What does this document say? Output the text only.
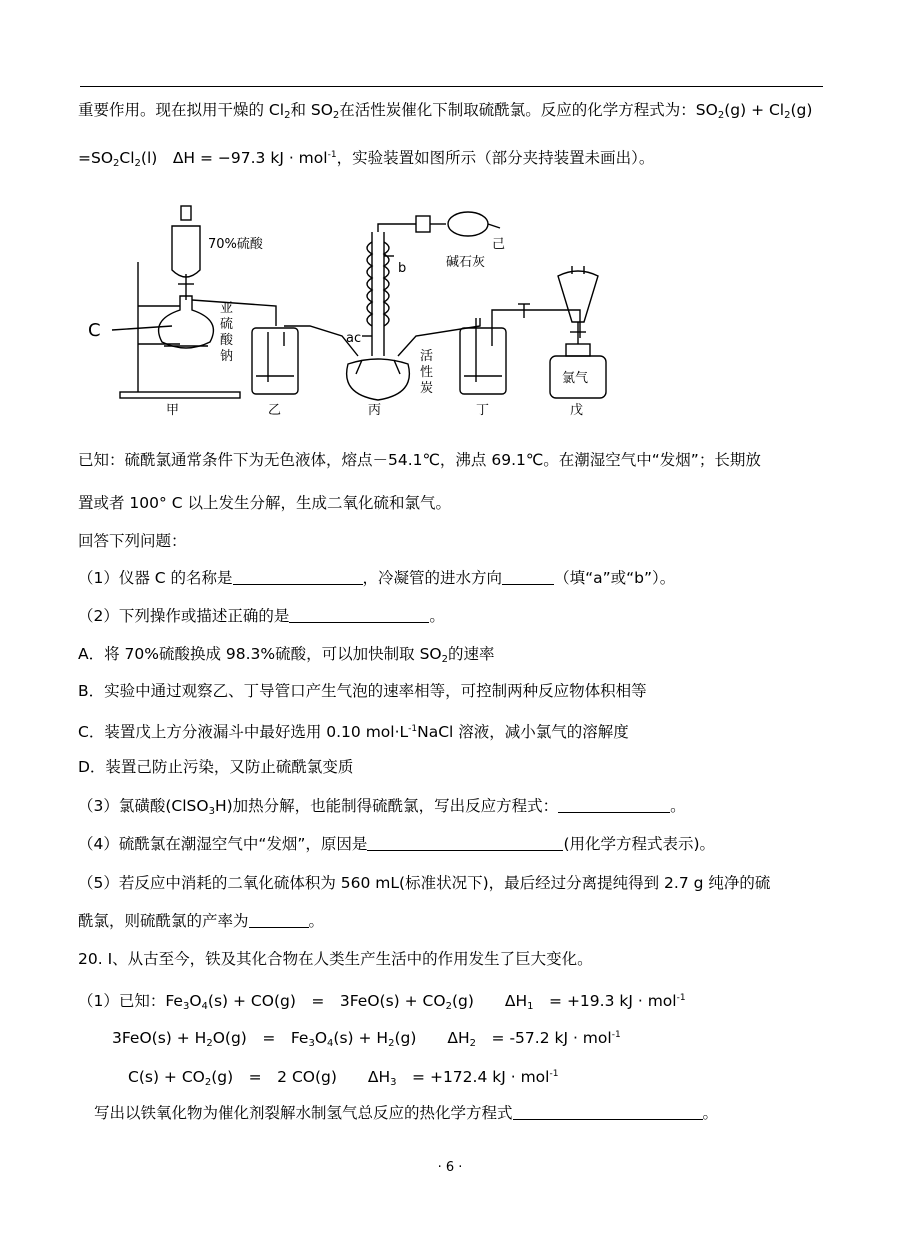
重要作用。现在拟用干燥的 $Cl_2$和 $SO_2$在活性炭催化下制取硫酰氯。反应的化学方程式为：$SO_2(g) + Cl_2(g)$
$=SO_2Cl_2(l)$　ΔH = −97.3 kJ · mol$^{-1}$，实验装置如图所示（部分夹持装置未画出）。
70%硫酸
C
亚
硫
酸
钠
甲	乙	丙	丁	戊
己
b
a c
碱石灰
活
性
炭
氯气
已知：硫酰氯通常条件下为无色液体，熔点－54.1℃，沸点 69.1℃。在潮湿空气中“发烟”；长期放
置或者 100° C 以上发生分解，生成二氧化硫和氯气。
回答下列问题：
（1）仪器 C 的名称是	，冷凝管的进水方向	（填“a”或“b”）。
（2）下列操作或描述正确的是	。
A．将 70%硫酸换成 98.3%硫酸，可以加快制取 $SO_2$的速率
B．实验中通过观察乙、丁导管口产生气泡的速率相等，可控制两种反应物体积相等
C．装置戊上方分液漏斗中最好选用 0.10 $mol\cdot L^{-1}NaCl$ 溶液，减小氯气的溶解度
D．装置己防止污染，又防止硫酰氯变质
（3）氯磺酸(ClSO$_3$H)加热分解，也能制得硫酰氯，写出反应方程式：	。
（4）硫酰氯在潮湿空气中“发烟”，原因是	(用化学方程式表示)。
（5）若反应中消耗的二氧化硫体积为 560 mL(标准状况下)，最后经过分离提纯得到 2.7 g 纯净的硫
酰氯，则硫酰氯的产率为	。
20. Ⅰ、从古至今，铁及其化合物在人类生产生活中的作用发生了巨大变化。
（1）已知：$Fe_3O_4(s) + CO(g)$　=　$3FeO(s) + CO_2(g)$　　$\Delta H_1$　= +19.3 kJ · mol$^{-1}$
$3FeO(s) + H_2O(g)$　=　$Fe_3O_4(s) + H_2(g)$　　$\Delta H_2$　= -57.2 kJ · mol$^{-1}$
$C(s) + CO_2(g)$　=　2 CO(g)　　$\Delta H_3$　= +172.4 kJ · mol$^{-1}$
写出以铁氧化物为催化剂裂解水制氢气总反应的热化学方程式	。
· 6 ·
